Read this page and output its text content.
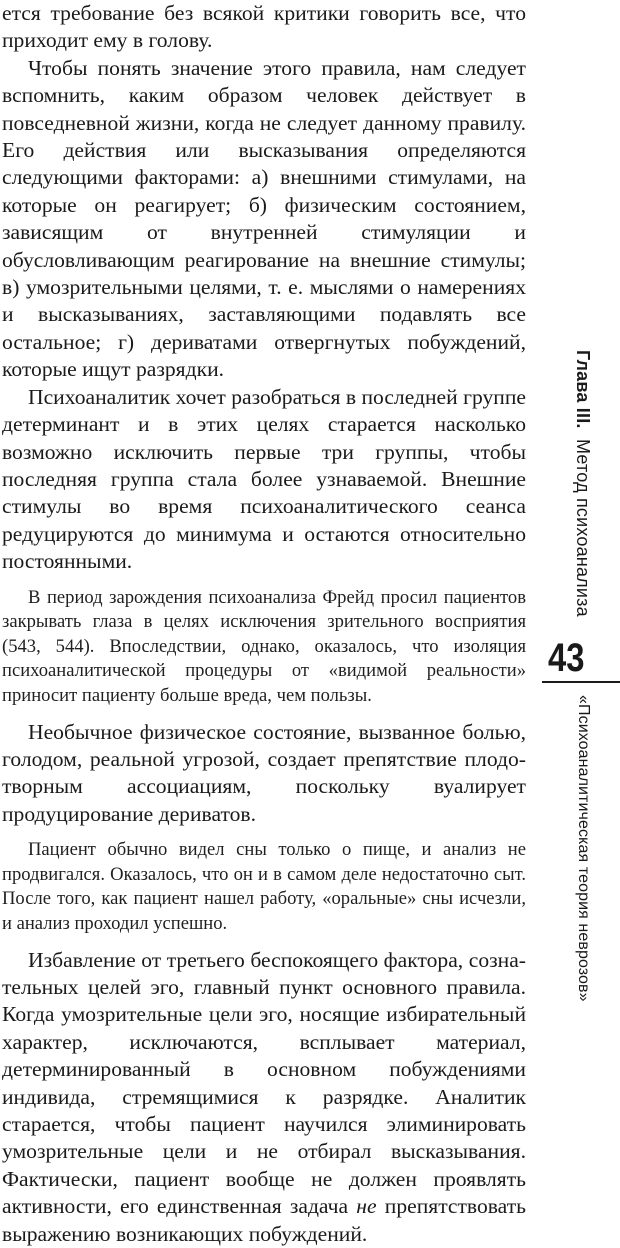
ется требование без всякой критики говорить все, что приходит ему в голову.

Чтобы понять значение этого правила, нам следует вспомнить, каким образом человек действует в повседневной жизни, когда не следует данному правилу. Его действия или высказывания определяются следующими факторами: а) внешними стимулами, на которые он реагирует; б) физическим состоянием, зависящим от внутренней стимуляции и обусловливающим реагирование на внешние стимулы; в) умозрительными целями, т. е. мыслями о намерениях и высказываниях, заставляющими подавлять все остальное; г) дериватами отвергнутых побуждений, которые ищут разрядки.

Психоаналитик хочет разобраться в последней группе детерминант и в этих целях старается насколько возможно исключить первые три группы, чтобы последняя группа стала более узнаваемой. Внешние стимулы во время психоаналитического сеанса редуцируются до минимума и остаются относительно постоянными.

В период зарождения психоанализа Фрейд просил пациентов закрывать глаза в целях исключения зрительного восприятия (543, 544). Впоследствии, однако, оказалось, что изоляция психоаналитической процедуры от «видимой реальности» приносит пациенту больше вреда, чем пользы.

Необычное физическое состояние, вызванное болью, голодом, реальной угрозой, создает препятствие плодотворным ассоциациям, поскольку вуалирует продуцирование дериватов.

Пациент обычно видел сны только о пище, и анализ не продвигался. Оказалось, что он и в самом деле недостаточно сыт. После того, как пациент нашел работу, «оральные» сны исчезли, и анализ проходил успешно.

Избавление от третьего беспокоящего фактора, сознательных целей эго, главный пункт основного правила. Когда умозрительные цели эго, носящие избирательный характер, исключаются, всплывает материал, детерминированный в основном побуждениями индивида, стремящимися к разрядке. Аналитик старается, чтобы пациент научился элиминировать умозрительные цели и не отбирал высказывания. Фактически, пациент вообще не должен проявлять активности, его единственная задача не препятствовать выражению возникающих побуждений.

Глава III.  Метод психоанализа
43
«Психоаналитическая теория неврозов»
